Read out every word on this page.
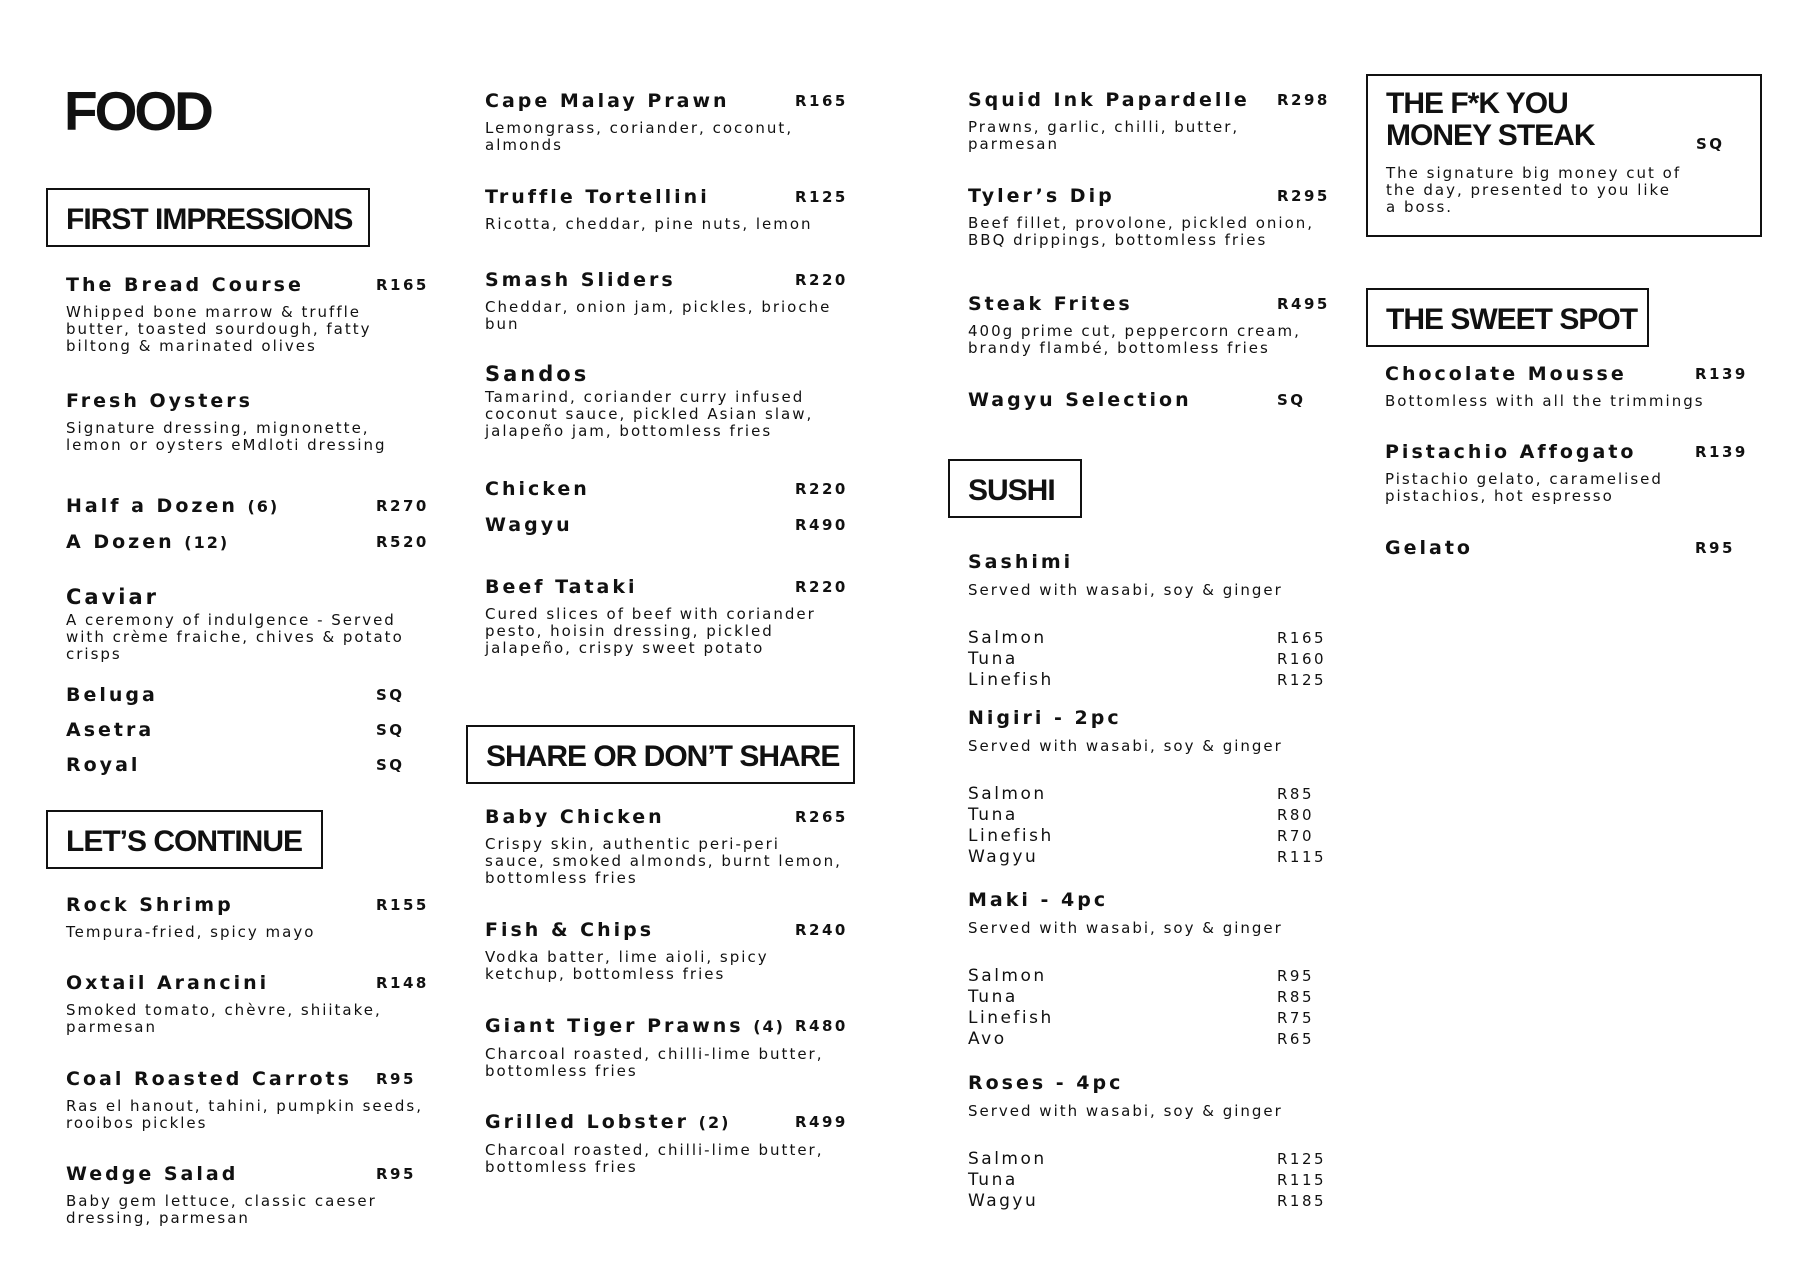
FOOD
FIRST IMPRESSIONS
The Bread Course	R165
Whipped bone marrow & truffle butter, toasted sourdough, fatty biltong & marinated olives
Fresh Oysters
Signature dressing, mignonette, lemon or oysters eMdloti dressing
Half a Dozen (6)	R270
A Dozen (12)	R520
Caviar
A ceremony of indulgence - Served with crème fraiche, chives & potato crisps
Beluga	SQ
Asetra	SQ
Royal	SQ
LET’S CONTINUE
Rock Shrimp	R155
Tempura-fried, spicy mayo
Oxtail Arancini	R148
Smoked tomato, chèvre, shiitake, parmesan
Coal Roasted Carrots	R95
Ras el hanout, tahini, pumpkin seeds, rooibos pickles
Wedge Salad	R95
Baby gem lettuce, classic caeser dressing, parmesan
Cape Malay Prawn	R165
Lemongrass, coriander, coconut, almonds
Truffle Tortellini	R125
Ricotta, cheddar, pine nuts, lemon
Smash Sliders	R220
Cheddar, onion jam, pickles, brioche bun
Sandos
Tamarind, coriander curry infused coconut sauce, pickled Asian slaw, jalapeño jam, bottomless fries
Chicken	R220
Wagyu	R490
Beef Tataki	R220
Cured slices of beef with coriander pesto, hoisin dressing, pickled jalapeño, crispy sweet potato
SHARE OR DON’T SHARE
Baby Chicken	R265
Crispy skin, authentic peri-peri sauce, smoked almonds, burnt lemon, bottomless fries
Fish & Chips	R240
Vodka batter, lime aioli, spicy ketchup, bottomless fries
Giant Tiger Prawns (4) R480
Charcoal roasted, chilli-lime butter, bottomless fries
Grilled Lobster (2)	R499
Charcoal roasted, chilli-lime butter, bottomless fries
Squid Ink Papardelle	R298
Prawns, garlic, chilli, butter, parmesan
Tyler’s Dip	R295
Beef fillet, provolone, pickled onion, BBQ drippings, bottomless fries
Steak Frites	R495
400g prime cut, peppercorn cream, brandy flambé, bottomless fries
Wagyu Selection	SQ
SUSHI
Sashimi
Served with wasabi, soy & ginger
Salmon	R165
Tuna	R160
Linefish	R125
Nigiri - 2pc
Served with wasabi, soy & ginger
Salmon	R85
Tuna	R80
Linefish	R70
Wagyu	R115
Maki - 4pc
Served with wasabi, soy & ginger
Salmon	R95
Tuna	R85
Linefish	R75
Avo	R65
Roses - 4pc
Served with wasabi, soy & ginger
Salmon	R125
Tuna	R115
Wagyu	R185
THE F*K YOU
MONEY STEAK
The signature big money cut of the day, presented to you like a boss.
SQ
THE SWEET SPOT
Chocolate Mousse	R139
Bottomless with all the trimmings
Pistachio Affogato	R139
Pistachio gelato, caramelised pistachios, hot espresso
Gelato	R95
